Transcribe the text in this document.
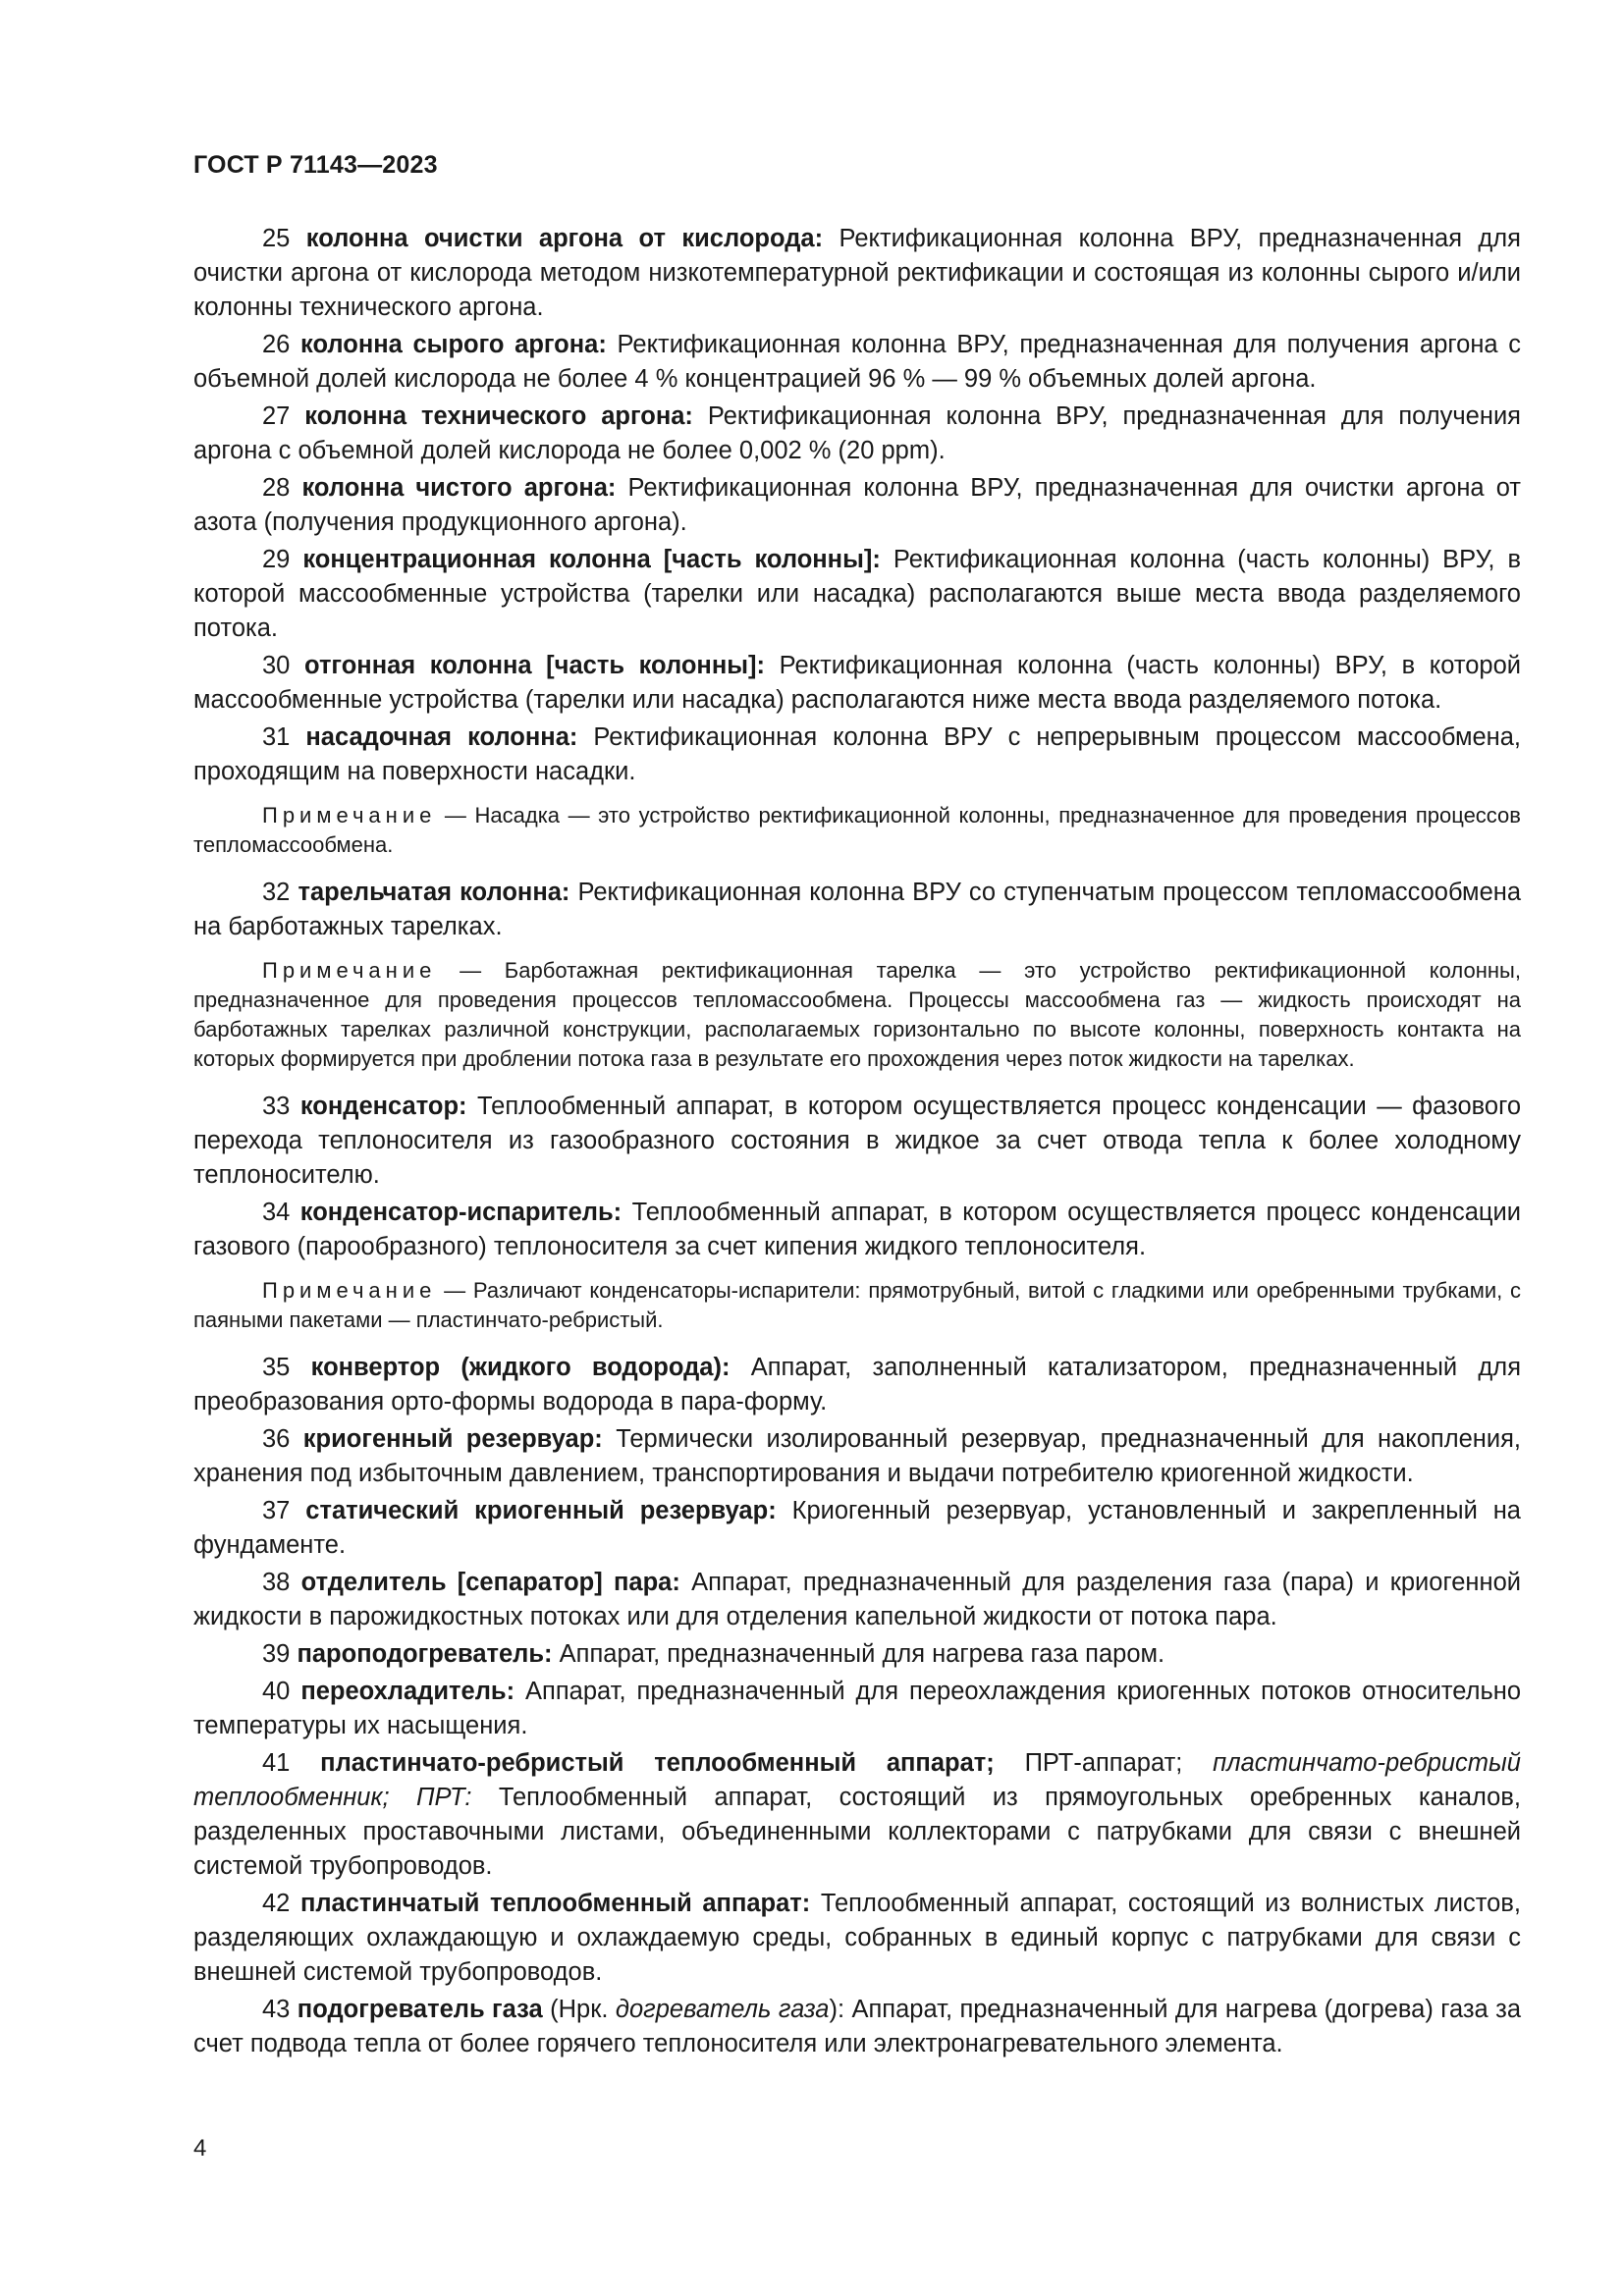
ГОСТ Р 71143—2023

25 колонна очистки аргона от кислорода: Ректификационная колонна ВРУ, предназначенная для очистки аргона от кислорода методом низкотемпературной ректификации и состоящая из колонны сырого и/или колонны технического аргона.

26 колонна сырого аргона: Ректификационная колонна ВРУ, предназначенная для получения аргона с объемной долей кислорода не более 4 % концентрацией 96 % — 99 % объемных долей аргона.

27 колонна технического аргона: Ректификационная колонна ВРУ, предназначенная для получения аргона с объемной долей кислорода не более 0,002 % (20 ppm).

28 колонна чистого аргона: Ректификационная колонна ВРУ, предназначенная для очистки аргона от азота (получения продукционного аргона).

29 концентрационная колонна [часть колонны]: Ректификационная колонна (часть колонны) ВРУ, в которой массообменные устройства (тарелки или насадка) располагаются выше места ввода разделяемого потока.

30 отгонная колонна [часть колонны]: Ректификационная колонна (часть колонны) ВРУ, в которой массообменные устройства (тарелки или насадка) располагаются ниже места ввода разделяемого потока.

31 насадочная колонна: Ректификационная колонна ВРУ с непрерывным процессом массообмена, проходящим на поверхности насадки.

Примечание — Насадка — это устройство ректификационной колонны, предназначенное для проведения процессов тепломассообмена.

32 тарельчатая колонна: Ректификационная колонна ВРУ со ступенчатым процессом тепломассообмена на барботажных тарелках.

Примечание — Барботажная ректификационная тарелка — это устройство ректификационной колонны, предназначенное для проведения процессов тепломассообмена. Процессы массообмена газ — жидкость происходят на барботажных тарелках различной конструкции, располагаемых горизонтально по высоте колонны, поверхность контакта на которых формируется при дроблении потока газа в результате его прохождения через поток жидкости на тарелках.

33 конденсатор: Теплообменный аппарат, в котором осуществляется процесс конденсации — фазового перехода теплоносителя из газообразного состояния в жидкое за счет отвода тепла к более холодному теплоносителю.

34 конденсатор-испаритель: Теплообменный аппарат, в котором осуществляется процесс конденсации газового (парообразного) теплоносителя за счет кипения жидкого теплоносителя.

Примечание — Различают конденсаторы-испарители: прямотрубный, витой с гладкими или оребренными трубками, с паяными пакетами — пластинчато-ребристый.

35 конвертор (жидкого водорода): Аппарат, заполненный катализатором, предназначенный для преобразования орто-формы водорода в пара-форму.

36 криогенный резервуар: Термически изолированный резервуар, предназначенный для накопления, хранения под избыточным давлением, транспортирования и выдачи потребителю криогенной жидкости.

37 статический криогенный резервуар: Криогенный резервуар, установленный и закрепленный на фундаменте.

38 отделитель [сепаратор] пара: Аппарат, предназначенный для разделения газа (пара) и криогенной жидкости в парожидкостных потоках или для отделения капельной жидкости от потока пара.

39 пароподогреватель: Аппарат, предназначенный для нагрева газа паром.

40 переохладитель: Аппарат, предназначенный для переохлаждения криогенных потоков относительно температуры их насыщения.

41 пластинчато-ребристый теплообменный аппарат; ПРТ-аппарат; пластинчато-ребристый теплообменник; ПРТ: Теплообменный аппарат, состоящий из прямоугольных оребренных каналов, разделенных проставочными листами, объединенными коллекторами с патрубками для связи с внешней системой трубопроводов.

42 пластинчатый теплообменный аппарат: Теплообменный аппарат, состоящий из волнистых листов, разделяющих охлаждающую и охлаждаемую среды, собранных в единый корпус с патрубками для связи с внешней системой трубопроводов.

43 подогреватель газа (Нрк. догреватель газа): Аппарат, предназначенный для нагрева (догрева) газа за счет подвода тепла от более горячего теплоносителя или электронагревательного элемента.

4
